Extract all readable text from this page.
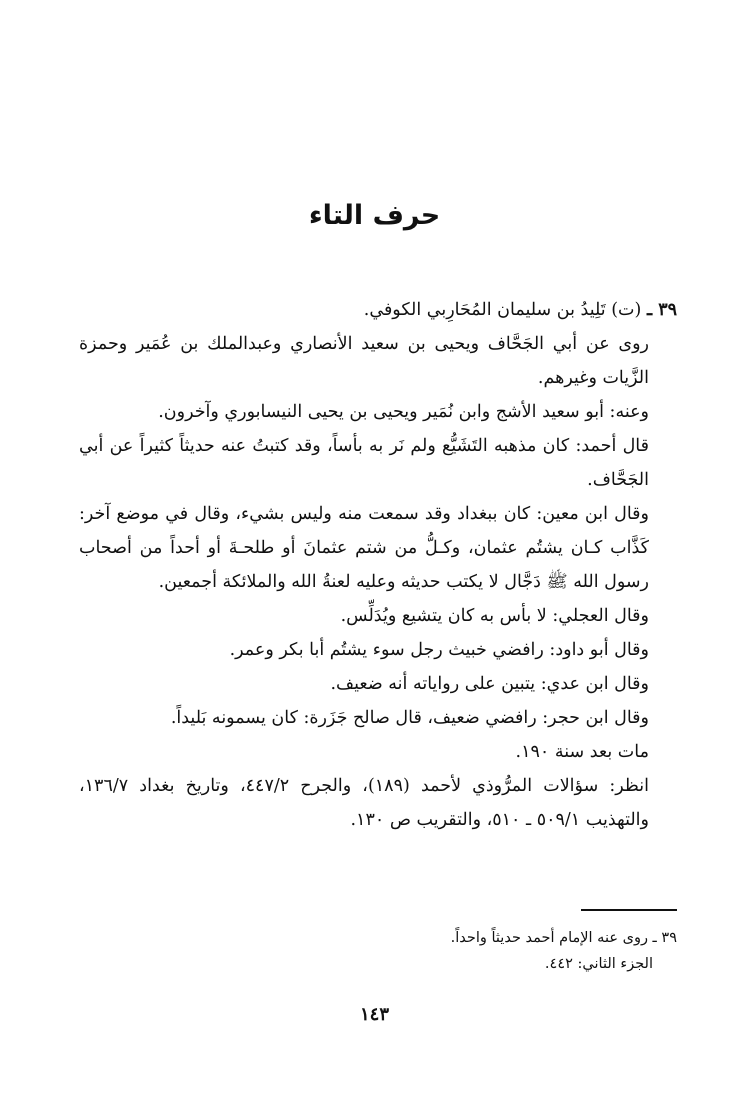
حرف التاء

٣٩ ـ (ت) تَلِيدُ بن سليمان المُحَارِبي الكوفي.

روى عن أبي الجَحَّاف ويحيى بن سعيد الأنصاري وعبدالملك بن عُمَير وحمزة الزَّيات وغيرهم.

وعنه: أبو سعيد الأشج وابن نُمَير ويحيى بن يحيى النيسابوري وآخرون.

قال أحمد: كان مذهبه التَشَيُّع ولم نَر به بأساً، وقد كتبتُ عنه حديثاً كثيراً عن أبي الجَحَّاف.

وقال ابن معين: كان ببغداد وقد سمعت منه وليس بشيء، وقال في موضع آخر: كَذَّاب كـان يشتُم عثمان، وكـلُّ من شتم عثمانَ أو طلحـةَ أو أحداً من أصحاب رسول الله ﷺ دَجَّال لا يكتب حديثه وعليه لعنةُ الله والملائكة أجمعين.

وقال العجلي: لا بأس به كان يتشيع ويُدَلِّس.

وقال أبو داود: رافضي خبيث رجل سوء يشتُم أبا بكر وعمر.

وقال ابن عدي: يتبين على رواياته أنه ضعيف.

وقال ابن حجر: رافضي ضعيف، قال صالح جَزَرة: كان يسمونه بَليداً.

مات بعد سنة ١٩٠.

انظر: سؤالات المرُّوذي لأحمد (١٨٩)، والجرح ٤٤٧/٢، وتاريخ بغداد ١٣٦/٧، والتهذيب ٥٠٩/١ ـ ٥١٠، والتقريب ص ١٣٠.

٣٩ ـ روى عنه الإمام أحمد حديثاً واحداً.

الجزء الثاني: ٤٤٢.

١٤٣
